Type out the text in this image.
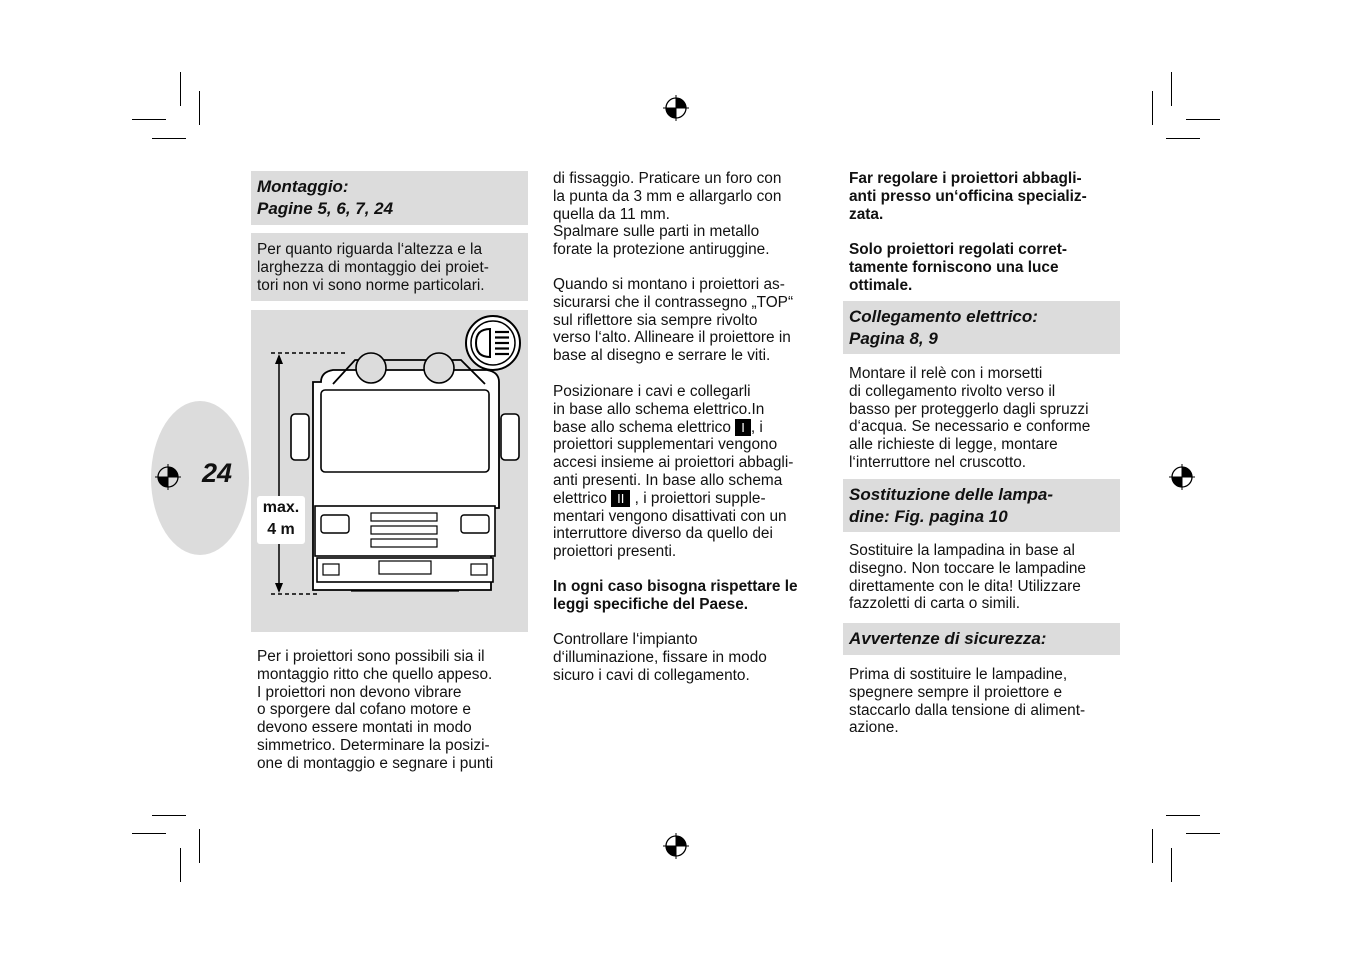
24
Montaggio:
Pagine 5, 6, 7, 24
Per quanto riguarda l‘altezza e la
larghezza di montaggio dei proiet-
tori non vi sono norme particolari.
max.
4 m
Per i proiettori sono possibili sia il
montaggio ritto che quello appeso.
I proiettori non devono vibrare
o sporgere dal cofano motore e
devono essere montati in modo
simmetrico. Determinare la posizi-
one di montaggio e segnare i punti
di fissaggio. Praticare un foro con
la punta da 3 mm e allargarlo con
quella da 11 mm.
Spalmare sulle parti in metallo
forate la protezione antiruggine.
Quando si montano i proiettori as-
sicurarsi che il contrassegno „TOP“
sul riflettore sia sempre rivolto
verso l‘alto. Allineare il proiettore in
base al disegno e serrare le viti.
Posizionare i cavi e collegarli
in base allo schema elettrico.In
base allo schema elettrico I , i
proiettori supplementari vengono
accesi insieme ai proiettori abbagli-
anti presenti. In base allo schema
elettrico II , i proiettori supple-
mentari vengono disattivati con un
interruttore diverso da quello dei
proiettori presenti.
In ogni caso bisogna rispettare le
leggi specifiche del Paese.
Controllare l‘impianto
d‘illuminazione, fissare in modo
sicuro i cavi di collegamento.
Far regolare i proiettori abbagli-
anti presso un‘officina specializ-
zata.
Solo proiettori regolati corret-
tamente forniscono una luce
ottimale.
Collegamento elettrico:
Pagina 8, 9
Montare il relè con i morsetti
di collegamento rivolto verso il
basso per proteggerlo dagli spruzzi
d‘acqua. Se necessario e conforme
alle richieste di legge, montare
l‘interruttore nel cruscotto.
Sostituzione delle lampa-
dine: Fig. pagina 10
Sostituire la lampadina in base al
disegno. Non toccare le lampadine
direttamente con le dita! Utilizzare
fazzoletti di carta o simili.
Avvertenze di sicurezza:
Prima di sostituire le lampadine,
spegnere sempre il proiettore e
staccarlo dalla tensione di aliment-
azione.
